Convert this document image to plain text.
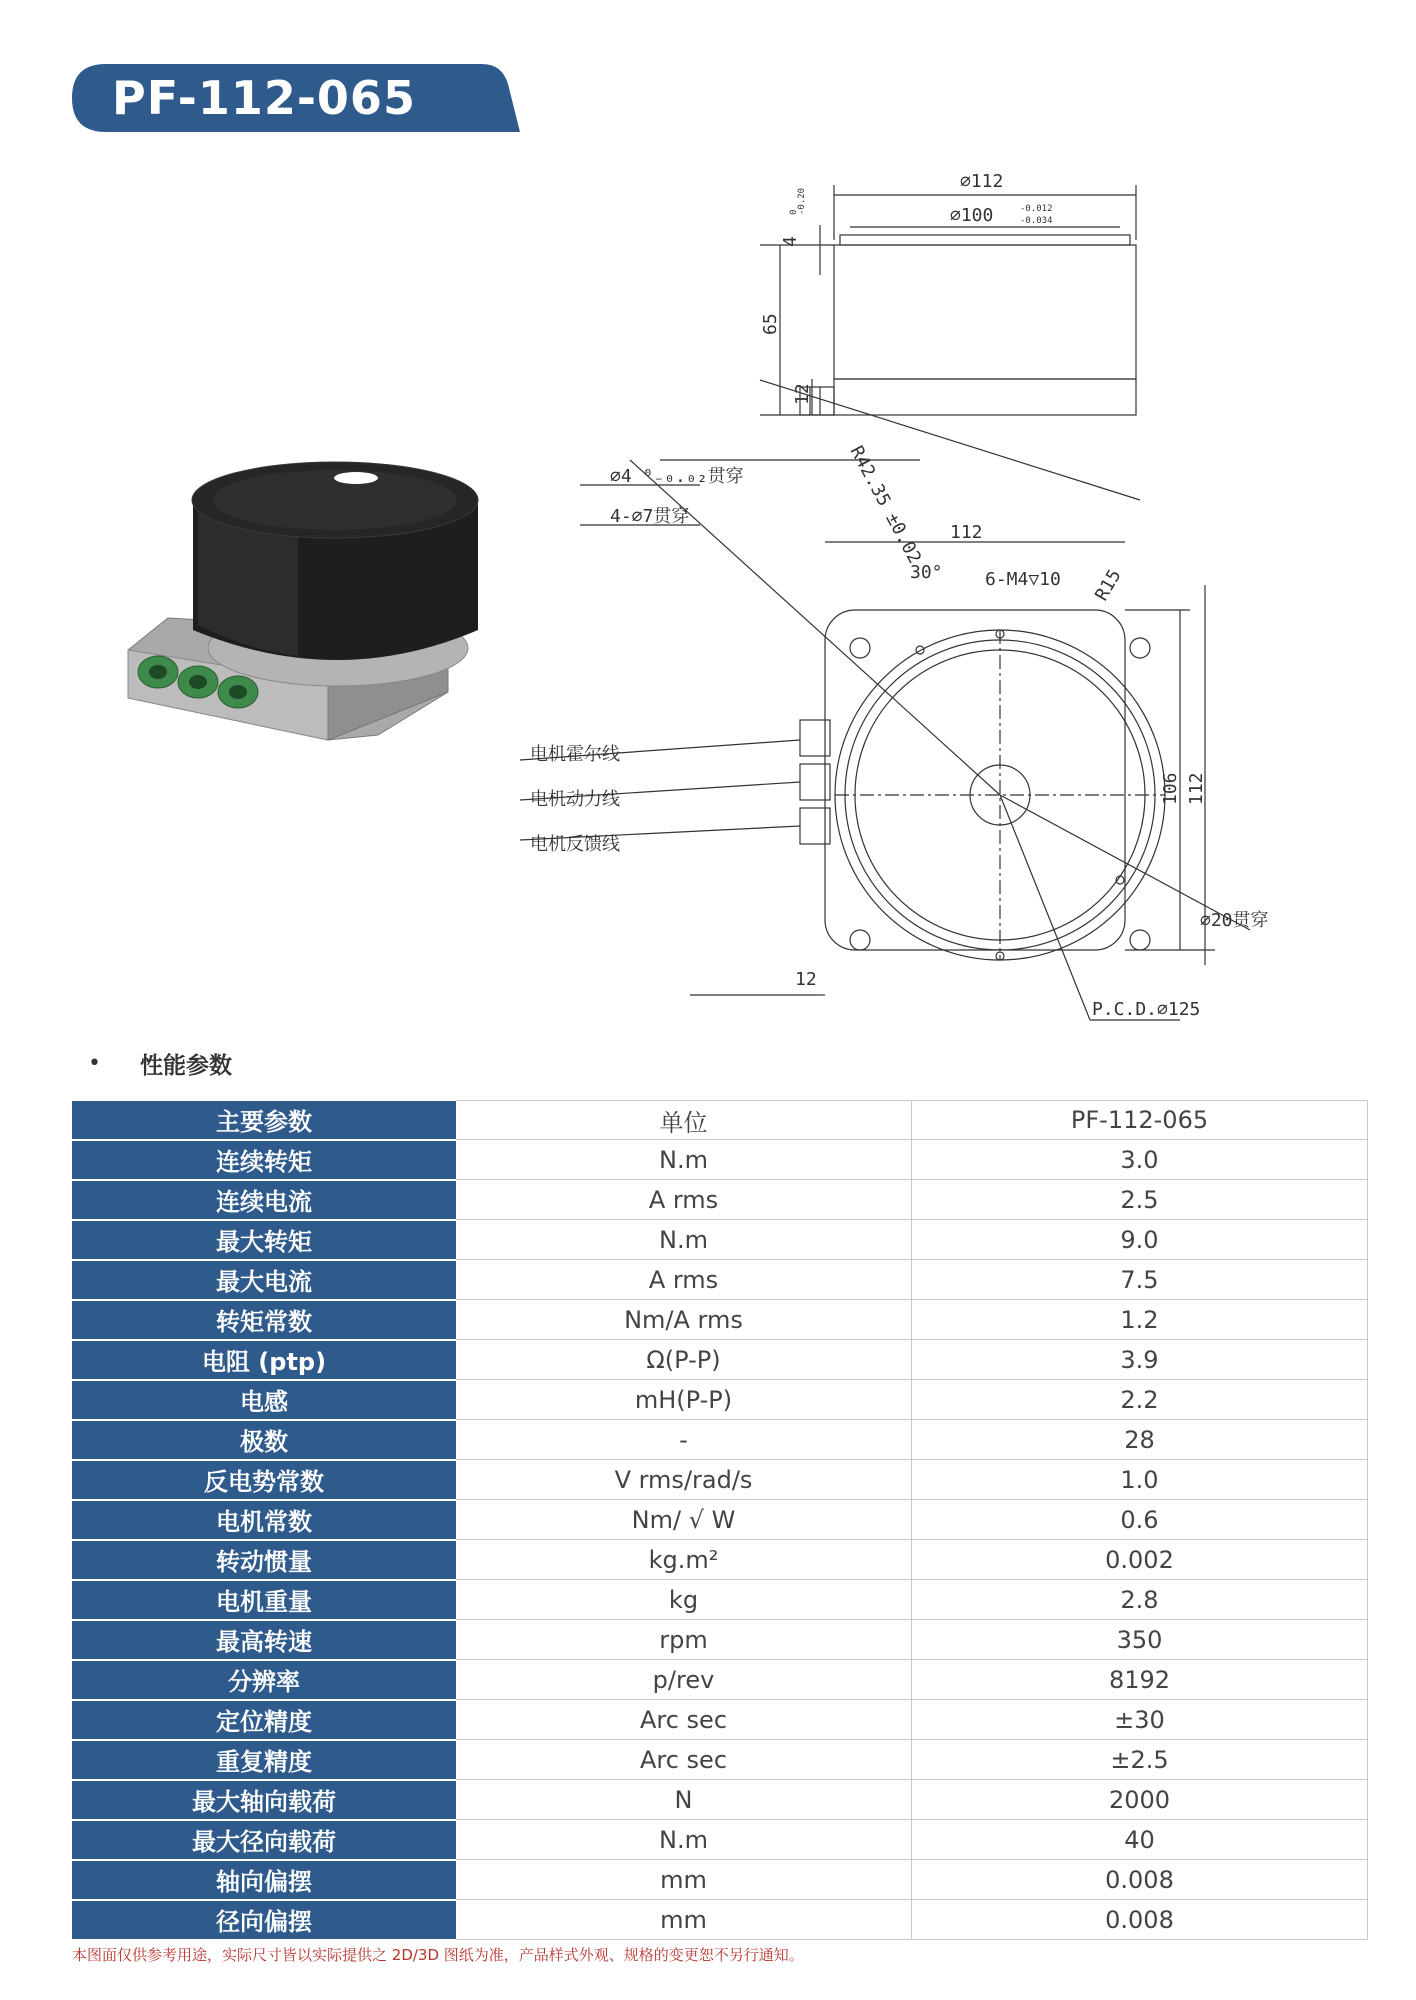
PF-112-065
∅112
∅100	-0.012
-0.034
65
12
4
0
-0.20
112
30° 6-M4▽10 R15
R42.35 ±0.02
∅4 ⁰₋₀.₀₂贯穿
4-∅7贯穿
电机霍尔线
电机动力线
电机反馈线
106 112
∅20贯穿
12
P.C.D.∅125
•	性能参数
主要参数	单位	PF-112-065
连续转矩	N.m	3.0
连续电流	A rms	2.5
最大转矩	N.m	9.0
最大电流	A rms	7.5
转矩常数	Nm/A rms	1.2
电阻 (ptp)	Ω(P-P)	3.9
电感	mH(P-P)	2.2
极数	-	28
反电势常数	V rms/rad/s	1.0
电机常数	Nm/ √ W	0.6
转动惯量	kg.m²	0.002
电机重量	kg	2.8
最高转速	rpm	350
分辨率	p/rev	8192
定位精度	Arc sec	±30
重复精度	Arc sec	±2.5
最大轴向载荷	N	2000
最大径向载荷	N.m	40
轴向偏摆	mm	0.008
径向偏摆	mm	0.008
本图面仅供参考用途，实际尺寸皆以实际提供之 2D/3D 图纸为准，产品样式外观、规格的变更恕不另行通知。
